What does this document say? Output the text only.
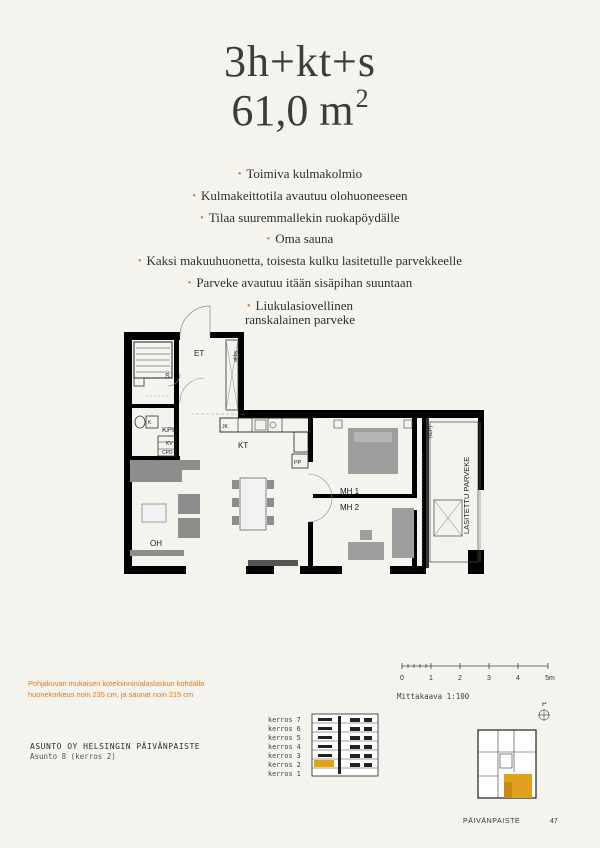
3h+kt+s
61,0 $m^2$
• Toimiva kulmakolmio
• Kulmakeittotila avautuu olohuoneeseen
• Tilaa suuremmallekin ruokapöydälle
• Oma sauna
• Kaksi makuuhuonetta, toisesta kulku lasitetulle parvekkeelle
• Parveke avautuu itään sisäpihan suuntaan
• Liukulasiovellinen
ranskalainen parveke
ET
S
KPH
KT
OH
MH 1
MH 2	LASITETTU PARVEKE
akby
(ILP)
PP
JK
K
KV
CPD
Pohjakuvan mukaisen koteloinnin/alaslaskun kohdalla
huonekorkeus noin 235 cm, ja saunat noin 215 cm
0	1	2	3	4	5m
Mittakaava 1:100
ASUNTO OY HELSINGIN PÄIVÄNPAISTE
Asunto 8 (kerros 2)
kerros 7
kerros 6
kerros 5
kerros 4
kerros 3
kerros 2
kerros 1
P
PÄIVÄNPAISTE	47
